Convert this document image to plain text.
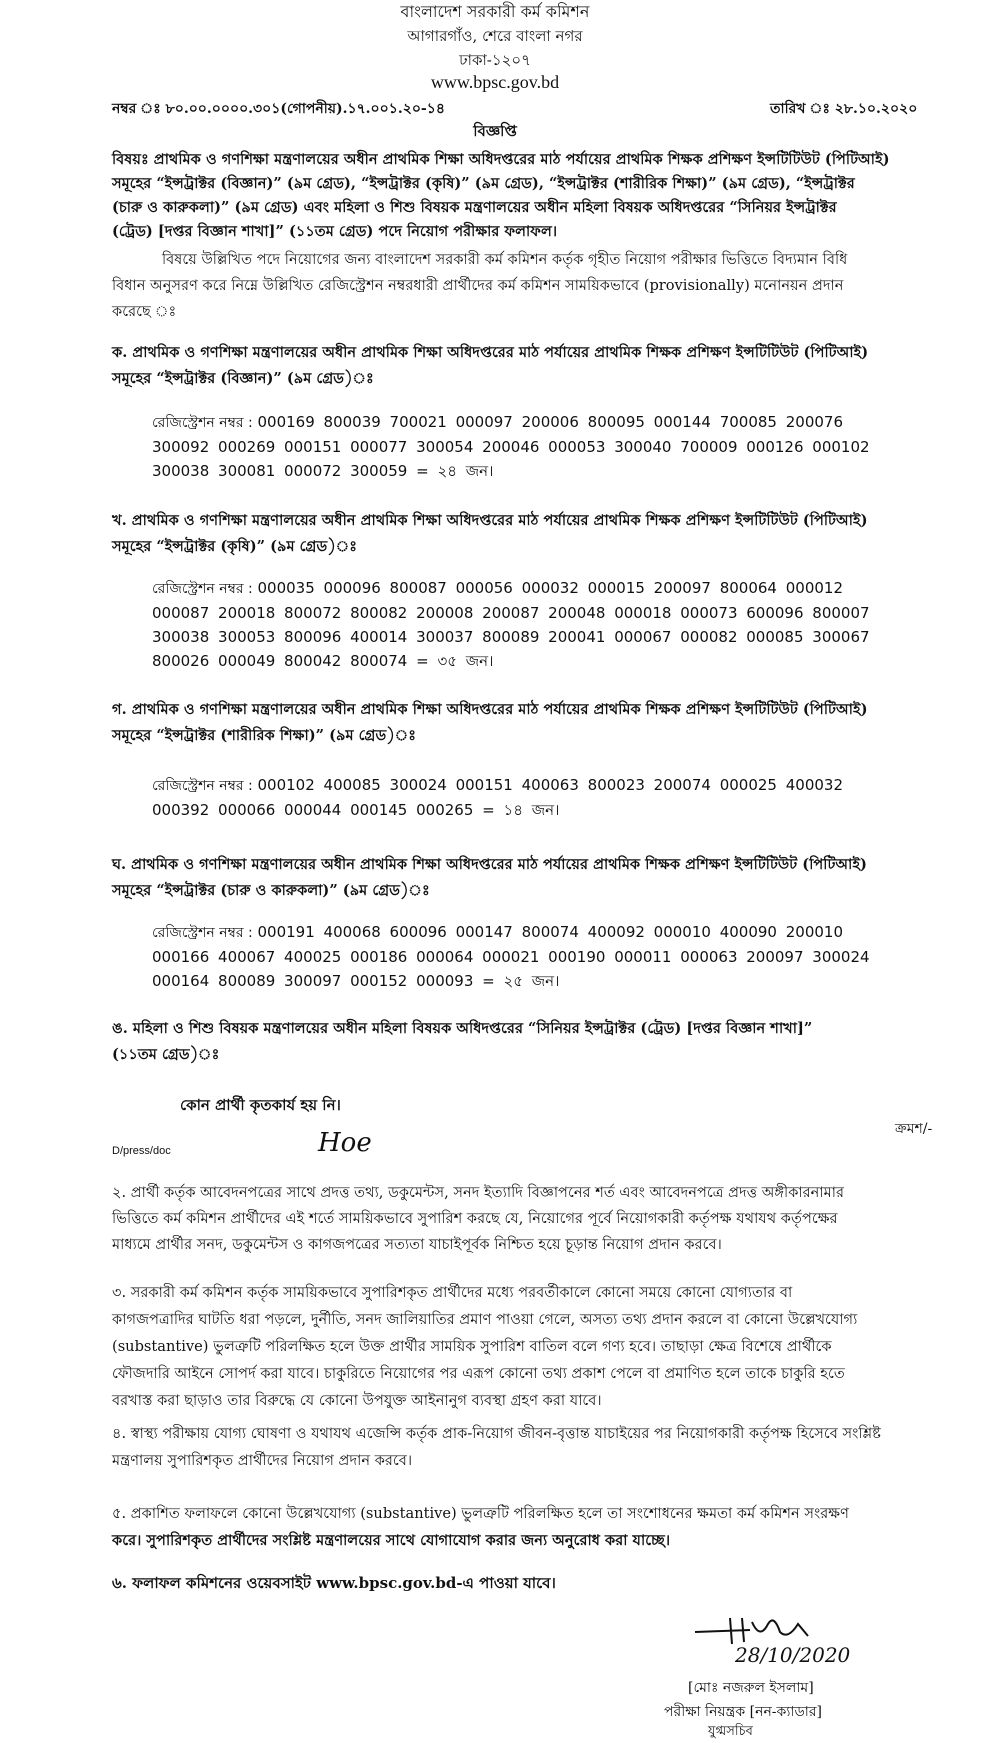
বাংলাদেশ সরকারী কর্ম কমিশন
আগারগাঁও, শেরে বাংলা নগর
ঢাকা-১২০৭
www.bpsc.gov.bd
নম্বর ঃ ৮০.০০.০০০০.৩০১(গোপনীয়).১৭.০০১.২০-১৪	তারিখ ঃ ২৮.১০.২০২০
বিজ্ঞপ্তি
বিষয়ঃ প্রাথমিক ও গণশিক্ষা মন্ত্রণালয়ের অধীন প্রাথমিক শিক্ষা অধিদপ্তরের মাঠ পর্যায়ের প্রাথমিক শিক্ষক প্রশিক্ষণ ইন্সটিটিউট (পিটিআই)
সমূহের “ইন্সট্রাক্টর (বিজ্ঞান)” (৯ম গ্রেড), “ইন্সট্রাক্টর (কৃষি)” (৯ম গ্রেড), “ইন্সট্রাক্টর (শারীরিক শিক্ষা)” (৯ম গ্রেড), “ইন্সট্রাক্টর
(চারু ও কারুকলা)” (৯ম গ্রেড) এবং মহিলা ও শিশু বিষয়ক মন্ত্রণালয়ের অধীন মহিলা বিষয়ক অধিদপ্তরের “সিনিয়র ইন্সট্রাক্টর
(ট্রেড) [দপ্তর বিজ্ঞান শাখা]” (১১তম গ্রেড) পদে নিয়োগ পরীক্ষার ফলাফল।
বিষয়ে উল্লিখিত পদে নিয়োগের জন্য বাংলাদেশ সরকারী কর্ম কমিশন কর্তৃক গৃহীত নিয়োগ পরীক্ষার ভিত্তিতে বিদ্যমান বিধি
বিধান অনুসরণ করে নিম্নে উল্লিখিত রেজিস্ট্রেশন নম্বরধারী প্রার্থীদের কর্ম কমিশন সাময়িকভাবে (provisionally) মনোনয়ন প্রদান
করেছে ঃ
ক. প্রাথমিক ও গণশিক্ষা মন্ত্রণালয়ের অধীন প্রাথমিক শিক্ষা অধিদপ্তরের মাঠ পর্যায়ের প্রাথমিক শিক্ষক প্রশিক্ষণ ইন্সটিটিউট (পিটিআই)
সমূহের “ইন্সট্রাক্টর (বিজ্ঞান)” (৯ম গ্রেড)ঃ
রেজিস্ট্রেশন নম্বর : 000169 800039 700021 000097 200006 800095 000144 700085 200076
300092 000269 000151 000077 300054 200046 000053 300040 700009 000126 000102
300038 300081 000072 300059 = ২৪ জন।
খ. প্রাথমিক ও গণশিক্ষা মন্ত্রণালয়ের অধীন প্রাথমিক শিক্ষা অধিদপ্তরের মাঠ পর্যায়ের প্রাথমিক শিক্ষক প্রশিক্ষণ ইন্সটিটিউট (পিটিআই)
সমূহের “ইন্সট্রাক্টর (কৃষি)” (৯ম গ্রেড)ঃ
রেজিস্ট্রেশন নম্বর : 000035 000096 800087 000056 000032 000015 200097 800064 000012
000087 200018 800072 800082 200008 200087 200048 000018 000073 600096 800007
300038 300053 800096 400014 300037 800089 200041 000067 000082 000085 300067
800026 000049 800042 800074 = ৩৫ জন।
গ. প্রাথমিক ও গণশিক্ষা মন্ত্রণালয়ের অধীন প্রাথমিক শিক্ষা অধিদপ্তরের মাঠ পর্যায়ের প্রাথমিক শিক্ষক প্রশিক্ষণ ইন্সটিটিউট (পিটিআই)
সমূহের “ইন্সট্রাক্টর (শারীরিক শিক্ষা)” (৯ম গ্রেড)ঃ
রেজিস্ট্রেশন নম্বর : 000102 400085 300024 000151 400063 800023 200074 000025 400032
000392 000066 000044 000145 000265 = ১৪ জন।
ঘ. প্রাথমিক ও গণশিক্ষা মন্ত্রণালয়ের অধীন প্রাথমিক শিক্ষা অধিদপ্তরের মাঠ পর্যায়ের প্রাথমিক শিক্ষক প্রশিক্ষণ ইন্সটিটিউট (পিটিআই)
সমূহের “ইন্সট্রাক্টর (চারু ও কারুকলা)” (৯ম গ্রেড)ঃ
রেজিস্ট্রেশন নম্বর : 000191 400068 600096 000147 800074 400092 000010 400090 200010
000166 400067 400025 000186 000064 000021 000190 000011 000063 200097 300024
000164 800089 300097 000152 000093 = ২৫ জন।
ঙ. মহিলা ও শিশু বিষয়ক মন্ত্রণালয়ের অধীন মহিলা বিষয়ক অধিদপ্তরের “সিনিয়র ইন্সট্রাক্টর (ট্রেড) [দপ্তর বিজ্ঞান শাখা]”
(১১তম গ্রেড)ঃ
কোন প্রার্থী কৃতকার্য হয় নি।
ক্রমশ/-
D/press/doc	Hoe
২. প্রার্থী কর্তৃক আবেদনপত্রের সাথে প্রদত্ত তথ্য, ডকুমেন্টস, সনদ ইত্যাদি বিজ্ঞাপনের শর্ত এবং আবেদনপত্রে প্রদত্ত অঙ্গীকারনামার
ভিত্তিতে কর্ম কমিশন প্রার্থীদের এই শর্তে সাময়িকভাবে সুপারিশ করছে যে, নিয়োগের পূর্বে নিয়োগকারী কর্তৃপক্ষ যথাযথ কর্তৃপক্ষের
মাধ্যমে প্রার্থীর সনদ, ডকুমেন্টস ও কাগজপত্রের সত্যতা যাচাইপূর্বক নিশ্চিত হয়ে চূড়ান্ত নিয়োগ প্রদান করবে।
৩. সরকারী কর্ম কমিশন কর্তৃক সাময়িকভাবে সুপারিশকৃত প্রার্থীদের মধ্যে পরবর্তীকালে কোনো সময়ে কোনো যোগ্যতার বা
কাগজপত্রাদির ঘাটতি ধরা পড়লে, দুর্নীতি, সনদ জালিয়াতির প্রমাণ পাওয়া গেলে, অসত্য তথ্য প্রদান করলে বা কোনো উল্লেখযোগ্য
(substantive) ভুলত্রুটি পরিলক্ষিত হলে উক্ত প্রার্থীর সাময়িক সুপারিশ বাতিল বলে গণ্য হবে। তাছাড়া ক্ষেত্র বিশেষে প্রার্থীকে
ফৌজদারি আইনে সোপর্দ করা যাবে। চাকুরিতে নিয়োগের পর এরূপ কোনো তথ্য প্রকাশ পেলে বা প্রমাণিত হলে তাকে চাকুরি হতে
বরখাস্ত করা ছাড়াও তার বিরুদ্ধে যে কোনো উপযুক্ত আইনানুগ ব্যবস্থা গ্রহণ করা যাবে।
৪. স্বাস্থ্য পরীক্ষায় যোগ্য ঘোষণা ও যথাযথ এজেন্সি কর্তৃক প্রাক-নিয়োগ জীবন-বৃত্তান্ত যাচাইয়ের পর নিয়োগকারী কর্তৃপক্ষ হিসেবে সংশ্লিষ্ট
মন্ত্রণালয় সুপারিশকৃত প্রার্থীদের নিয়োগ প্রদান করবে।
৫. প্রকাশিত ফলাফলে কোনো উল্লেখযোগ্য (substantive) ভুলত্রুটি পরিলক্ষিত হলে তা সংশোধনের ক্ষমতা কর্ম কমিশন সংরক্ষণ
করে। সুপারিশকৃত প্রার্থীদের সংশ্লিষ্ট মন্ত্রণালয়ের সাথে যোগাযোগ করার জন্য অনুরোধ করা যাচ্ছে।
৬. ফলাফল কমিশনের ওয়েবসাইট www.bpsc.gov.bd-এ পাওয়া যাবে।
28/10/2020
[মোঃ নজরুল ইসলাম]
পরীক্ষা নিয়ন্ত্রক [নন-ক্যাডার]
যুগ্মসচিব
